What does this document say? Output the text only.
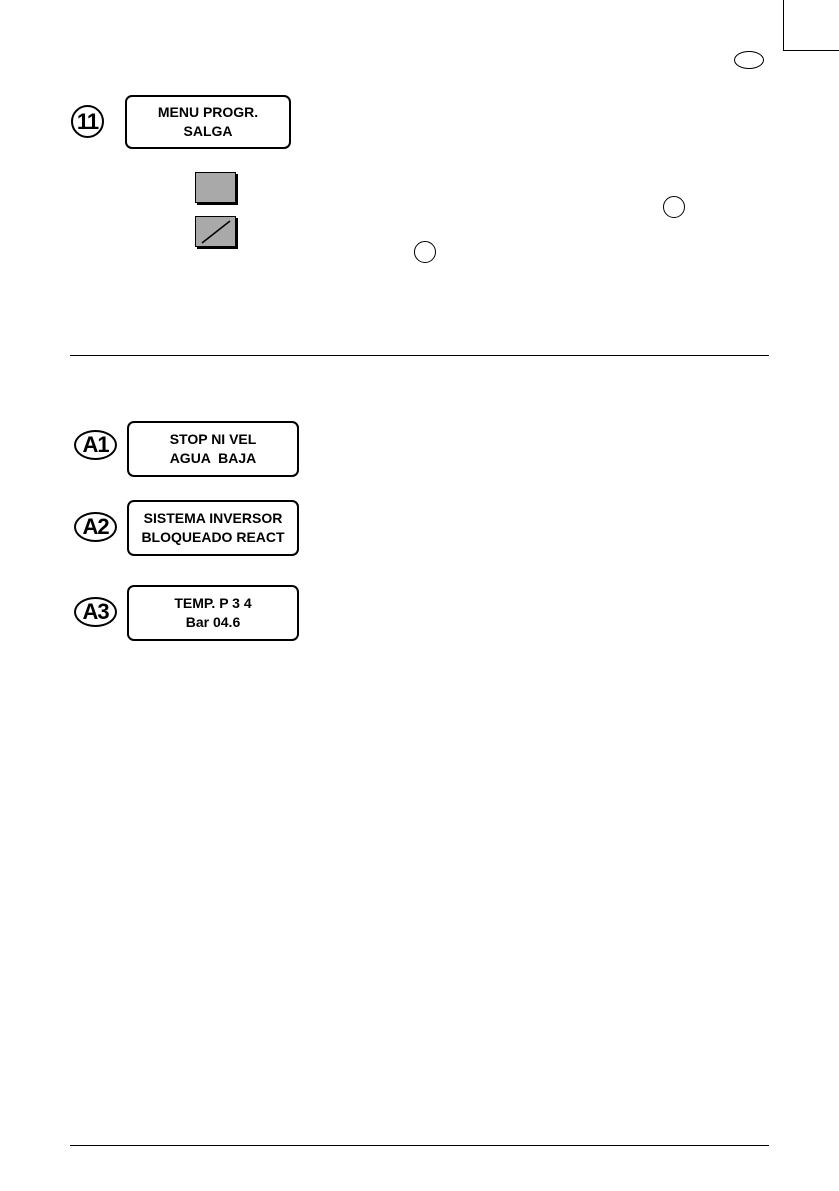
11	MENU PROGR.
SALGA
A1	STOP NI VEL
AGUA  BAJA
A2	SISTEMA INVERSOR
BLOQUEADO REACT
A3	TEMP. P 3 4
Bar 04.6
